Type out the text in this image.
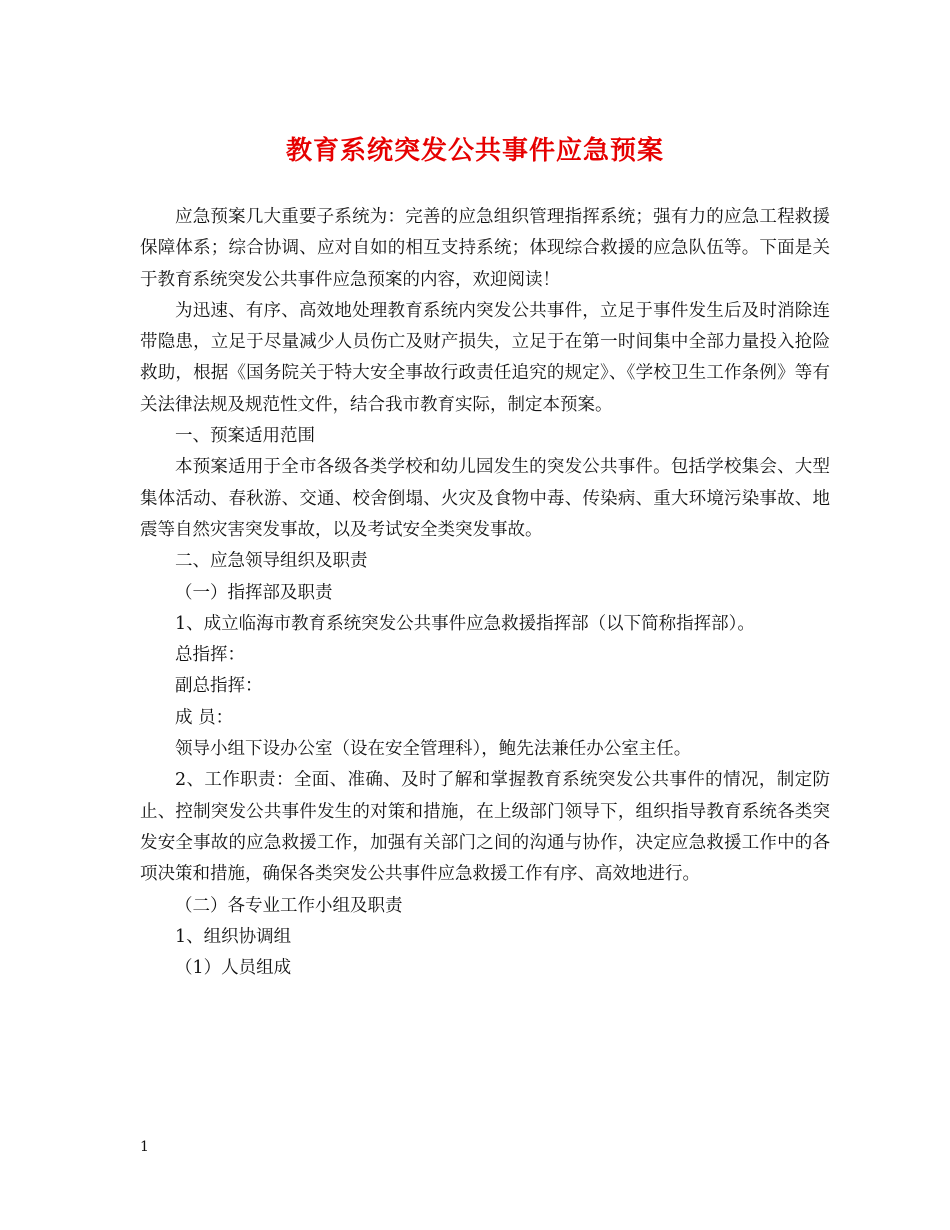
教育系统突发公共事件应急预案

应急预案几大重要子系统为：完善的应急组织管理指挥系统；强有力的应急工程救援保障体系；综合协调、应对自如的相互支持系统；体现综合救援的应急队伍等。下面是关于教育系统突发公共事件应急预案的内容，欢迎阅读！

为迅速、有序、高效地处理教育系统内突发公共事件，立足于事件发生后及时消除连带隐患，立足于尽量减少人员伤亡及财产损失，立足于在第一时间集中全部力量投入抢险救助，根据《国务院关于特大安全事故行政责任追究的规定》、《学校卫生工作条例》等有关法律法规及规范性文件，结合我市教育实际，制定本预案。

一、预案适用范围

本预案适用于全市各级各类学校和幼儿园发生的突发公共事件。包括学校集会、大型集体活动、春秋游、交通、校舍倒塌、火灾及食物中毒、传染病、重大环境污染事故、地震等自然灾害突发事故，以及考试安全类突发事故。

二、应急领导组织及职责

（一）指挥部及职责

1、成立临海市教育系统突发公共事件应急救援指挥部（以下简称指挥部）。

总指挥：

副总指挥：

成 员：

领导小组下设办公室（设在安全管理科），鲍先法兼任办公室主任。

2、工作职责：全面、准确、及时了解和掌握教育系统突发公共事件的情况，制定防止、控制突发公共事件发生的对策和措施，在上级部门领导下，组织指导教育系统各类突发安全事故的应急救援工作，加强有关部门之间的沟通与协作，决定应急救援工作中的各项决策和措施，确保各类突发公共事件应急救援工作有序、高效地进行。

（二）各专业工作小组及职责

1、组织协调组

（1）人员组成

1
